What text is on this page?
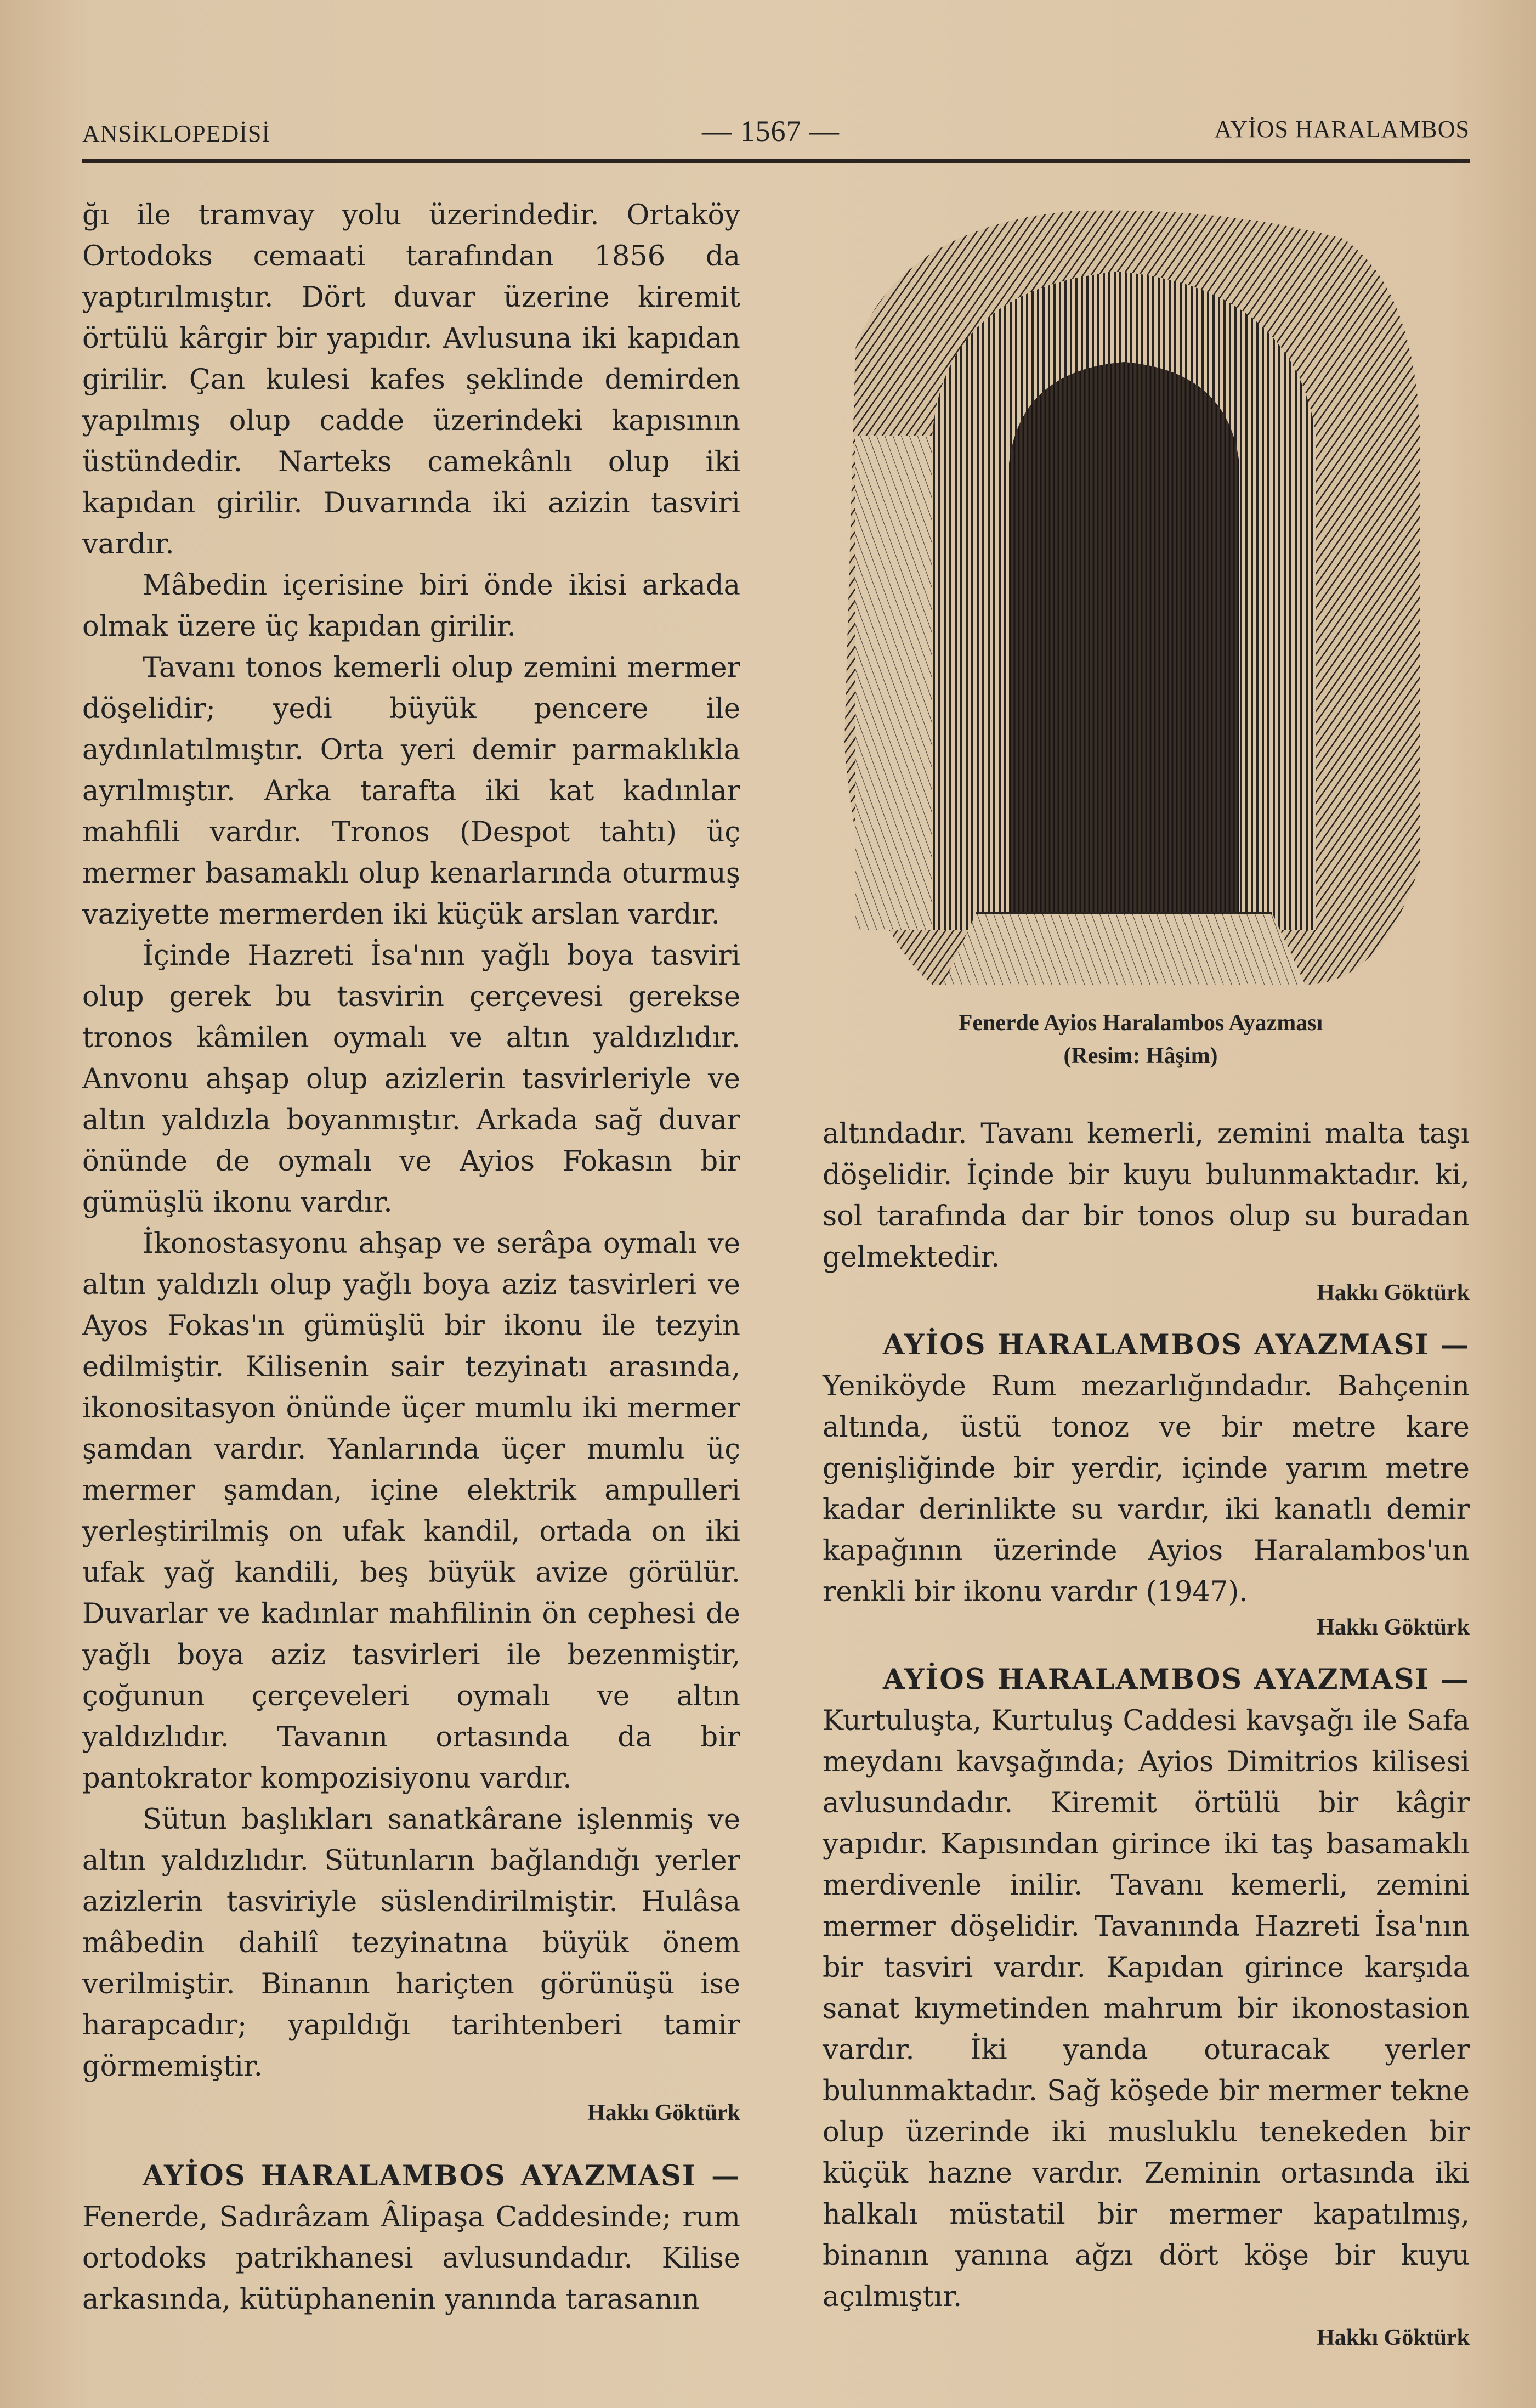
ANSİKLOPEDİSİ	— 1567 —	AYİOS HARALAMBOS

ğı ile tramvay yolu üzerindedir. Ortaköy Ortodoks cemaati tarafından 1856 da yaptırılmıştır. Dört duvar üzerine kiremit örtülü kârgir bir yapıdır. Avlusuna iki kapıdan girilir. Çan kulesi kafes şeklinde demirden yapılmış olup cadde üzerindeki kapısının üstündedir. Narteks camekânlı olup iki kapıdan girilir. Duvarında iki azizin tasviri vardır.

Mâbedin içerisine biri önde ikisi arkada olmak üzere üç kapıdan girilir.

Tavanı tonos kemerli olup zemini mermer döşelidir; yedi büyük pencere ile aydınlatılmıştır. Orta yeri demir parmaklıkla ayrılmıştır. Arka tarafta iki kat kadınlar mahfili vardır. Tronos (Despot tahtı) üç mermer basamaklı olup kenarlarında oturmuş vaziyette mermerden iki küçük arslan vardır.

İçinde Hazreti İsa'nın yağlı boya tasviri olup gerek bu tasvirin çerçevesi gerekse tronos kâmilen oymalı ve altın yaldızlıdır. Anvonu ahşap olup azizlerin tasvirleriyle ve altın yaldızla boyanmıştır. Arkada sağ duvar önünde de oymalı ve Ayios Fokasın bir gümüşlü ikonu vardır.

İkonostasyonu ahşap ve serâpa oymalı ve altın yaldızlı olup yağlı boya aziz tasvirleri ve Ayos Fokas'ın gümüşlü bir ikonu ile tezyin edilmiştir. Kilisenin sair tezyinatı arasında, ikonositasyon önünde üçer mumlu iki mermer şamdan vardır. Yanlarında üçer mumlu üç mermer şamdan, içine elektrik ampulleri yerleştirilmiş on ufak kandil, ortada on iki ufak yağ kandili, beş büyük avize görülür. Duvarlar ve kadınlar mahfilinin ön cephesi de yağlı boya aziz tasvirleri ile bezenmiştir, çoğunun çerçeveleri oymalı ve altın yaldızlıdır. Tavanın ortasında da bir pantokrator kompozisiyonu vardır.

Sütun başlıkları sanatkârane işlenmiş ve altın yaldızlıdır. Sütunların bağlandığı yerler azizlerin tasviriyle süslendirilmiştir. Hulâsa mâbedin dahilî tezyinatına büyük önem verilmiştir. Binanın hariçten görünüşü ise harapcadır; yapıldığı tarihtenberi tamir görmemiştir.

Hakkı Göktürk

AYİOS HARALAMBOS AYAZMASI — Fenerde, Sadırâzam Âlipaşa Caddesinde; rum ortodoks patrikhanesi avlusundadır. Kilise arkasında, kütüphanenin yanında tarasanın

Fenerde Ayios Haralambos Ayazması
(Resim: Hâşim)

altındadır. Tavanı kemerli, zemini malta taşı döşelidir. İçinde bir kuyu bulunmaktadır. ki, sol tarafında dar bir tonos olup su buradan gelmektedir.

Hakkı Göktürk

AYİOS HARALAMBOS AYAZMASI — Yeniköyde Rum mezarlığındadır. Bahçenin altında, üstü tonoz ve bir metre kare genişliğinde bir yerdir, içinde yarım metre kadar derinlikte su vardır, iki kanatlı demir kapağının üzerinde Ayios Haralambos'un renkli bir ikonu vardır (1947).

Hakkı Göktürk

AYİOS HARALAMBOS AYAZMASI — Kurtuluşta, Kurtuluş Caddesi kavşağı ile Safa meydanı kavşağında; Ayios Dimitrios kilisesi avlusundadır. Kiremit örtülü bir kâgir yapıdır. Kapısından girince iki taş basamaklı merdivenle inilir. Tavanı kemerli, zemini mermer döşelidir. Tavanında Hazreti İsa'nın bir tasviri vardır. Kapıdan girince karşıda sanat kıymetinden mahrum bir ikonostasion vardır. İki yanda oturacak yerler bulunmaktadır. Sağ köşede bir mermer tekne olup üzerinde iki musluklu tenekeden bir küçük hazne vardır. Zeminin ortasında iki halkalı müstatil bir mermer kapatılmış, binanın yanına ağzı dört köşe bir kuyu açılmıştır.

Hakkı Göktürk
